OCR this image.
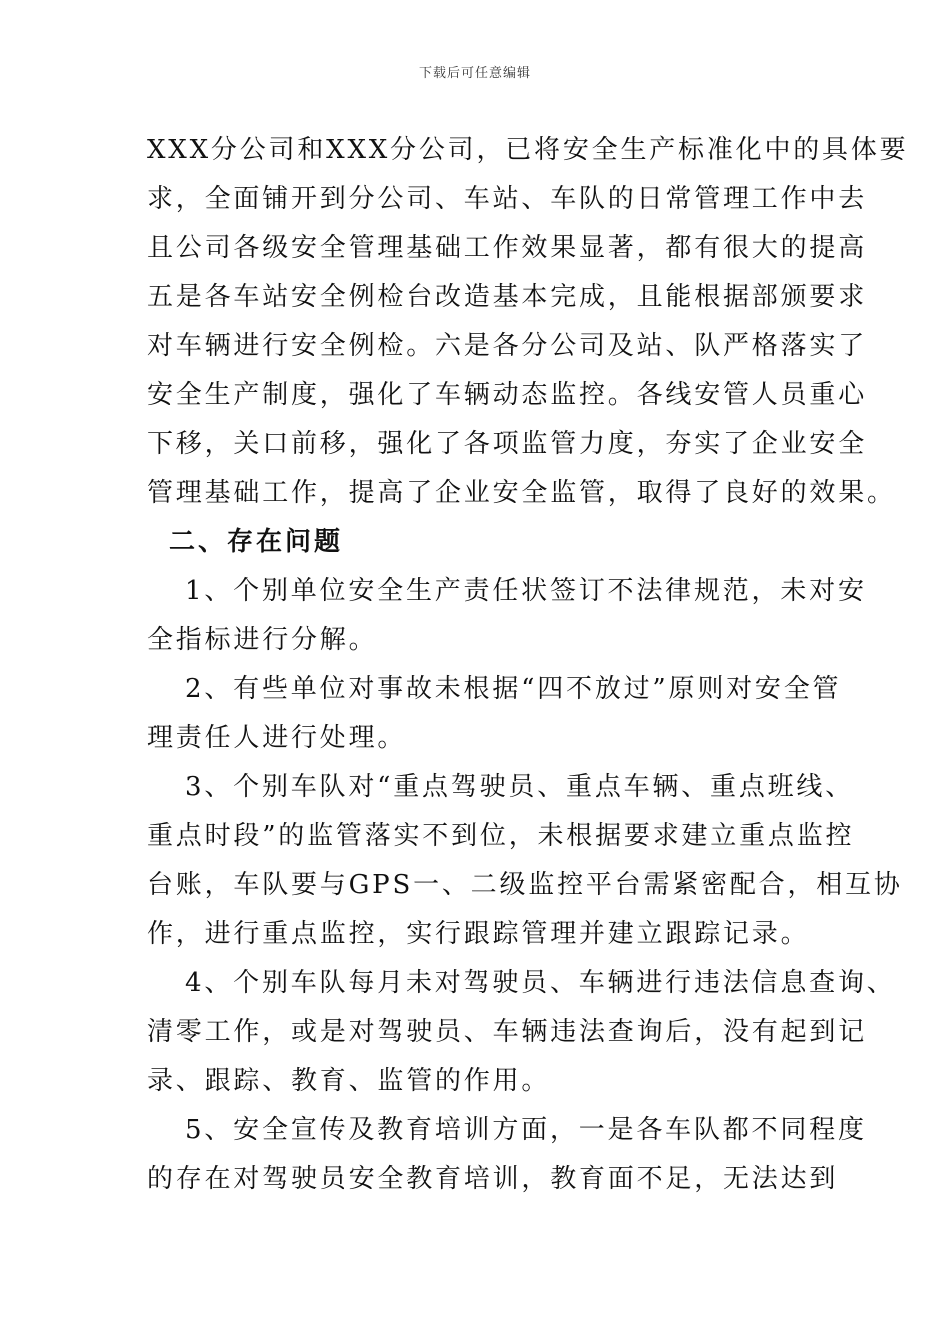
下载后可任意编辑
XXX分公司和XXX分公司，已将安全生产标准化中的具体要
求，全面铺开到分公司、车站、车队的日常管理工作中去
且公司各级安全管理基础工作效果显著，都有很大的提高
五是各车站安全例检台改造基本完成，且能根据部颁要求
对车辆进行安全例检。六是各分公司及站、队严格落实了
安全生产制度，强化了车辆动态监控。各线安管人员重心
下移，关口前移，强化了各项监管力度，夯实了企业安全
管理基础工作，提高了企业安全监管，取得了良好的效果。
二、存在问题
1、个别单位安全生产责任状签订不法律规范，未对安
全指标进行分解。
2、有些单位对事故未根据“四不放过”原则对安全管
理责任人进行处理。
3、个别车队对“重点驾驶员、重点车辆、重点班线、
重点时段”的监管落实不到位，未根据要求建立重点监控
台账，车队要与GPS一、二级监控平台需紧密配合，相互协
作，进行重点监控，实行跟踪管理并建立跟踪记录。
4、个别车队每月未对驾驶员、车辆进行违法信息查询、
清零工作，或是对驾驶员、车辆违法查询后，没有起到记
录、跟踪、教育、监管的作用。
5、安全宣传及教育培训方面，一是各车队都不同程度
的存在对驾驶员安全教育培训，教育面不足，无法达到
